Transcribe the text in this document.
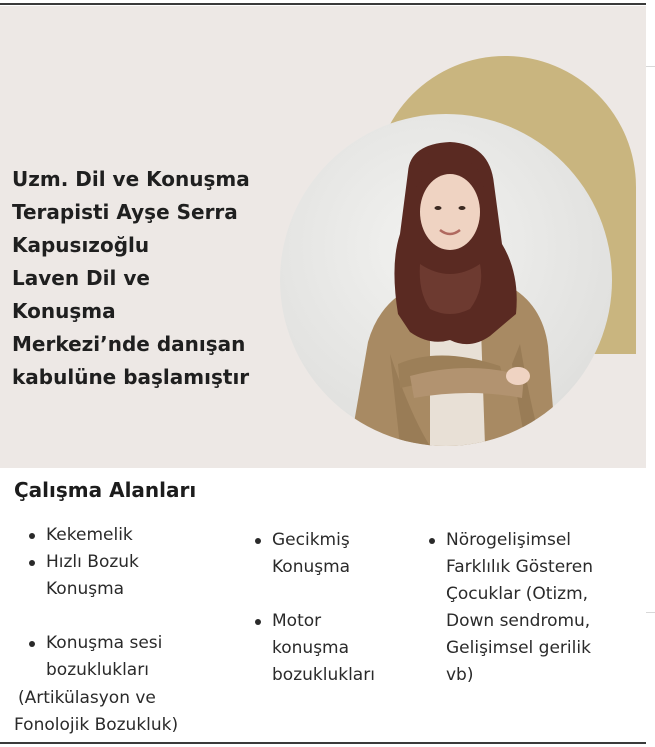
Uzm. Dil ve Konuşma
Terapisti Ayşe Serra
Kapusızoğlu
Laven Dil ve
Konuşma
Merkezi’nde danışan
kabulüne başlamıştır
Çalışma Alanları
Kekemelik
Hızlı Bozuk
Konuşma
Konuşma sesi
bozuklukları
(Artikülasyon ve
Fonolojik Bozukluk)
Gecikmiş
Konuşma
Motor
konuşma
bozuklukları
Nörogelişimsel
Farklılık Gösteren
Çocuklar (Otizm,
Down sendromu,
Gelişimsel gerilik
vb)
